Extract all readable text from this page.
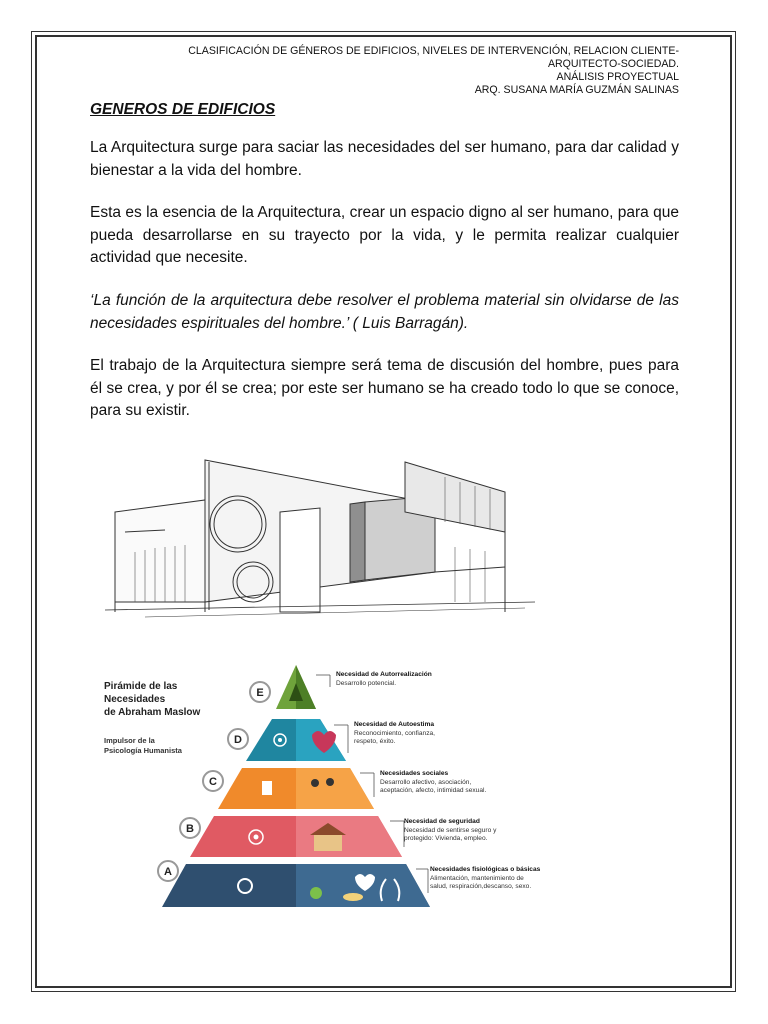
CLASIFICACIÓN DE GÉNEROS DE EDIFICIOS, NIVELES DE INTERVENCIÓN, RELACION CLIENTE-
ARQUITECTO-SOCIEDAD.
ANÁLISIS PROYECTUAL
ARQ. SUSANA MARÍA GUZMÁN SALINAS
GENEROS DE EDIFICIOS
La Arquitectura surge para saciar las necesidades del ser humano, para dar calidad y bienestar a la vida del hombre.
Esta es la esencia de la Arquitectura, crear un espacio digno al ser humano, para que pueda desarrollarse en su trayecto por la vida, y le permita realizar cualquier actividad que necesite.
‘La función de la arquitectura debe resolver el problema material sin olvidarse de las necesidades espirituales del hombre.’ ( Luis Barragán).
El trabajo de la Arquitectura siempre será tema de discusión del hombre, pues para él se crea, y por él se crea; por este ser humano se ha creado todo lo que se conoce, para su existir.
Pirámide de las
Necesidades
de Abraham Maslow
Impulsor de la
Psicología Humanista
E
D
C
B
A
Necesidad de Autorrealización
Desarrollo potencial.
Necesidad de Autoestima
Reconocimiento, confianza,
respeto, éxito.
Necesidades sociales
Desarrollo afectivo, asociación,
aceptación, afecto, intimidad sexual.
Necesidad de seguridad
Necesidad de sentirse seguro y
protegido: Vivienda, empleo.
Necesidades fisiológicas o básicas
Alimentación, mantenimiento de
salud, respiración,descanso, sexo.
